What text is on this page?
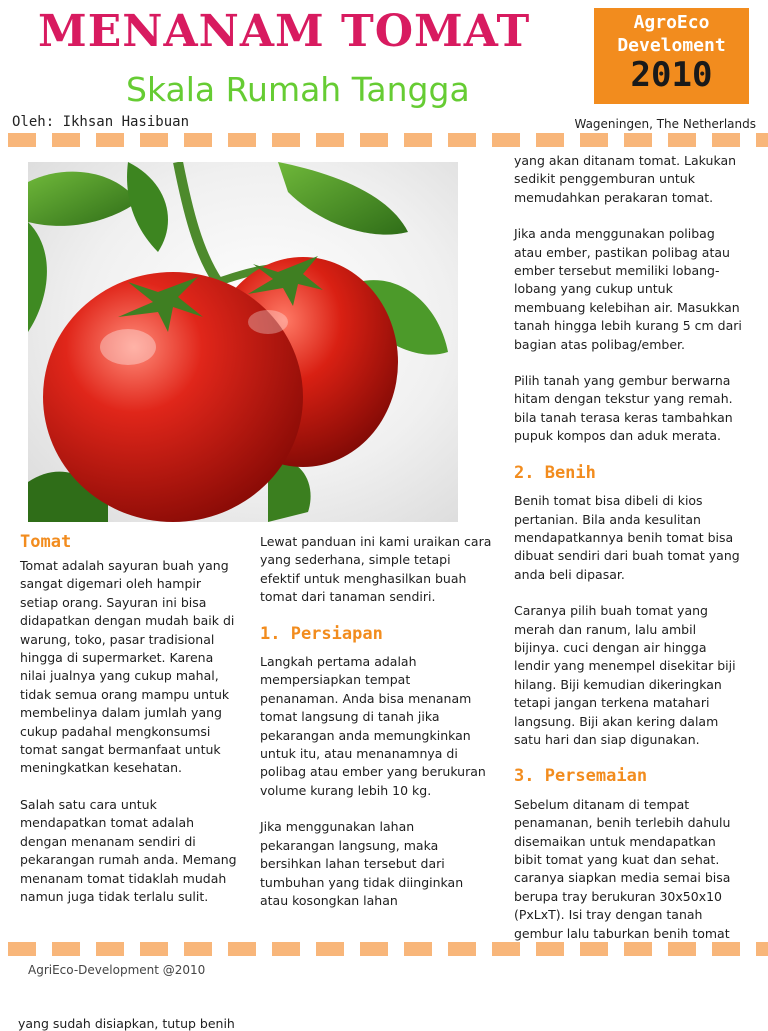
MENANAM TOMAT
Skala Rumah Tangga
AgroEco
Develoment
2010
Oleh: Ikhsan Hasibuan	Wageningen, The Netherlands
Tomat

Tomat adalah sayuran buah yang sangat digemari oleh hampir setiap orang. Sayuran ini bisa didapatkan dengan mudah baik di warung, toko, pasar tradisional hingga di supermarket. Karena nilai jualnya yang cukup mahal, tidak semua orang mampu untuk membelinya dalam jumlah yang cukup padahal mengkonsumsi tomat sangat bermanfaat untuk meningkatkan kesehatan.

Salah satu cara untuk mendapatkan tomat adalah dengan menanam sendiri di pekarangan rumah anda. Memang menanam tomat tidaklah mudah namun juga tidak terlalu sulit.

Lewat panduan ini kami uraikan cara yang sederhana, simple tetapi efektif untuk menghasilkan buah tomat dari tanaman sendiri.

1. Persiapan

Langkah pertama adalah mempersiapkan tempat penanaman. Anda bisa menanam tomat langsung di tanah jika pekarangan anda memungkinkan untuk itu, atau menanamnya di polibag atau ember yang berukuran volume kurang lebih 10 kg.

Jika menggunakan lahan pekarangan langsung, maka bersihkan lahan tersebut dari tumbuhan yang tidak diinginkan atau kosongkan lahan

yang akan ditanam tomat. Lakukan sedikit penggemburan untuk memudahkan perakaran tomat.

Jika anda menggunakan polibag atau ember, pastikan polibag atau ember tersebut memiliki lobang-lobang yang cukup untuk membuang kelebihan air. Masukkan tanah hingga lebih kurang 5 cm dari bagian atas polibag/ember.

Pilih tanah yang gembur berwarna hitam dengan tekstur yang remah. bila tanah terasa keras tambahkan pupuk kompos dan aduk merata.

2. Benih

Benih tomat bisa dibeli di kios pertanian. Bila anda kesulitan mendapatkannya benih tomat bisa dibuat sendiri dari buah tomat yang anda beli dipasar.

Caranya pilih buah tomat yang merah dan ranum, lalu ambil bijinya. cuci dengan air hingga lendir yang menempel disekitar biji hilang. Biji kemudian dikeringkan tetapi jangan terkena matahari langsung. Biji akan kering dalam satu hari dan siap digunakan.

3. Persemaian

Sebelum ditanam di tempat penamanan, benih terlebih dahulu disemaikan untuk mendapatkan bibit tomat yang kuat dan sehat. caranya siapkan media semai bisa berupa tray berukuran 30x50x10 (PxLxT). Isi tray dengan tanah gembur lalu taburkan benih tomat

AgriEco-Development @2010
yang sudah disiapkan, tutup benih
